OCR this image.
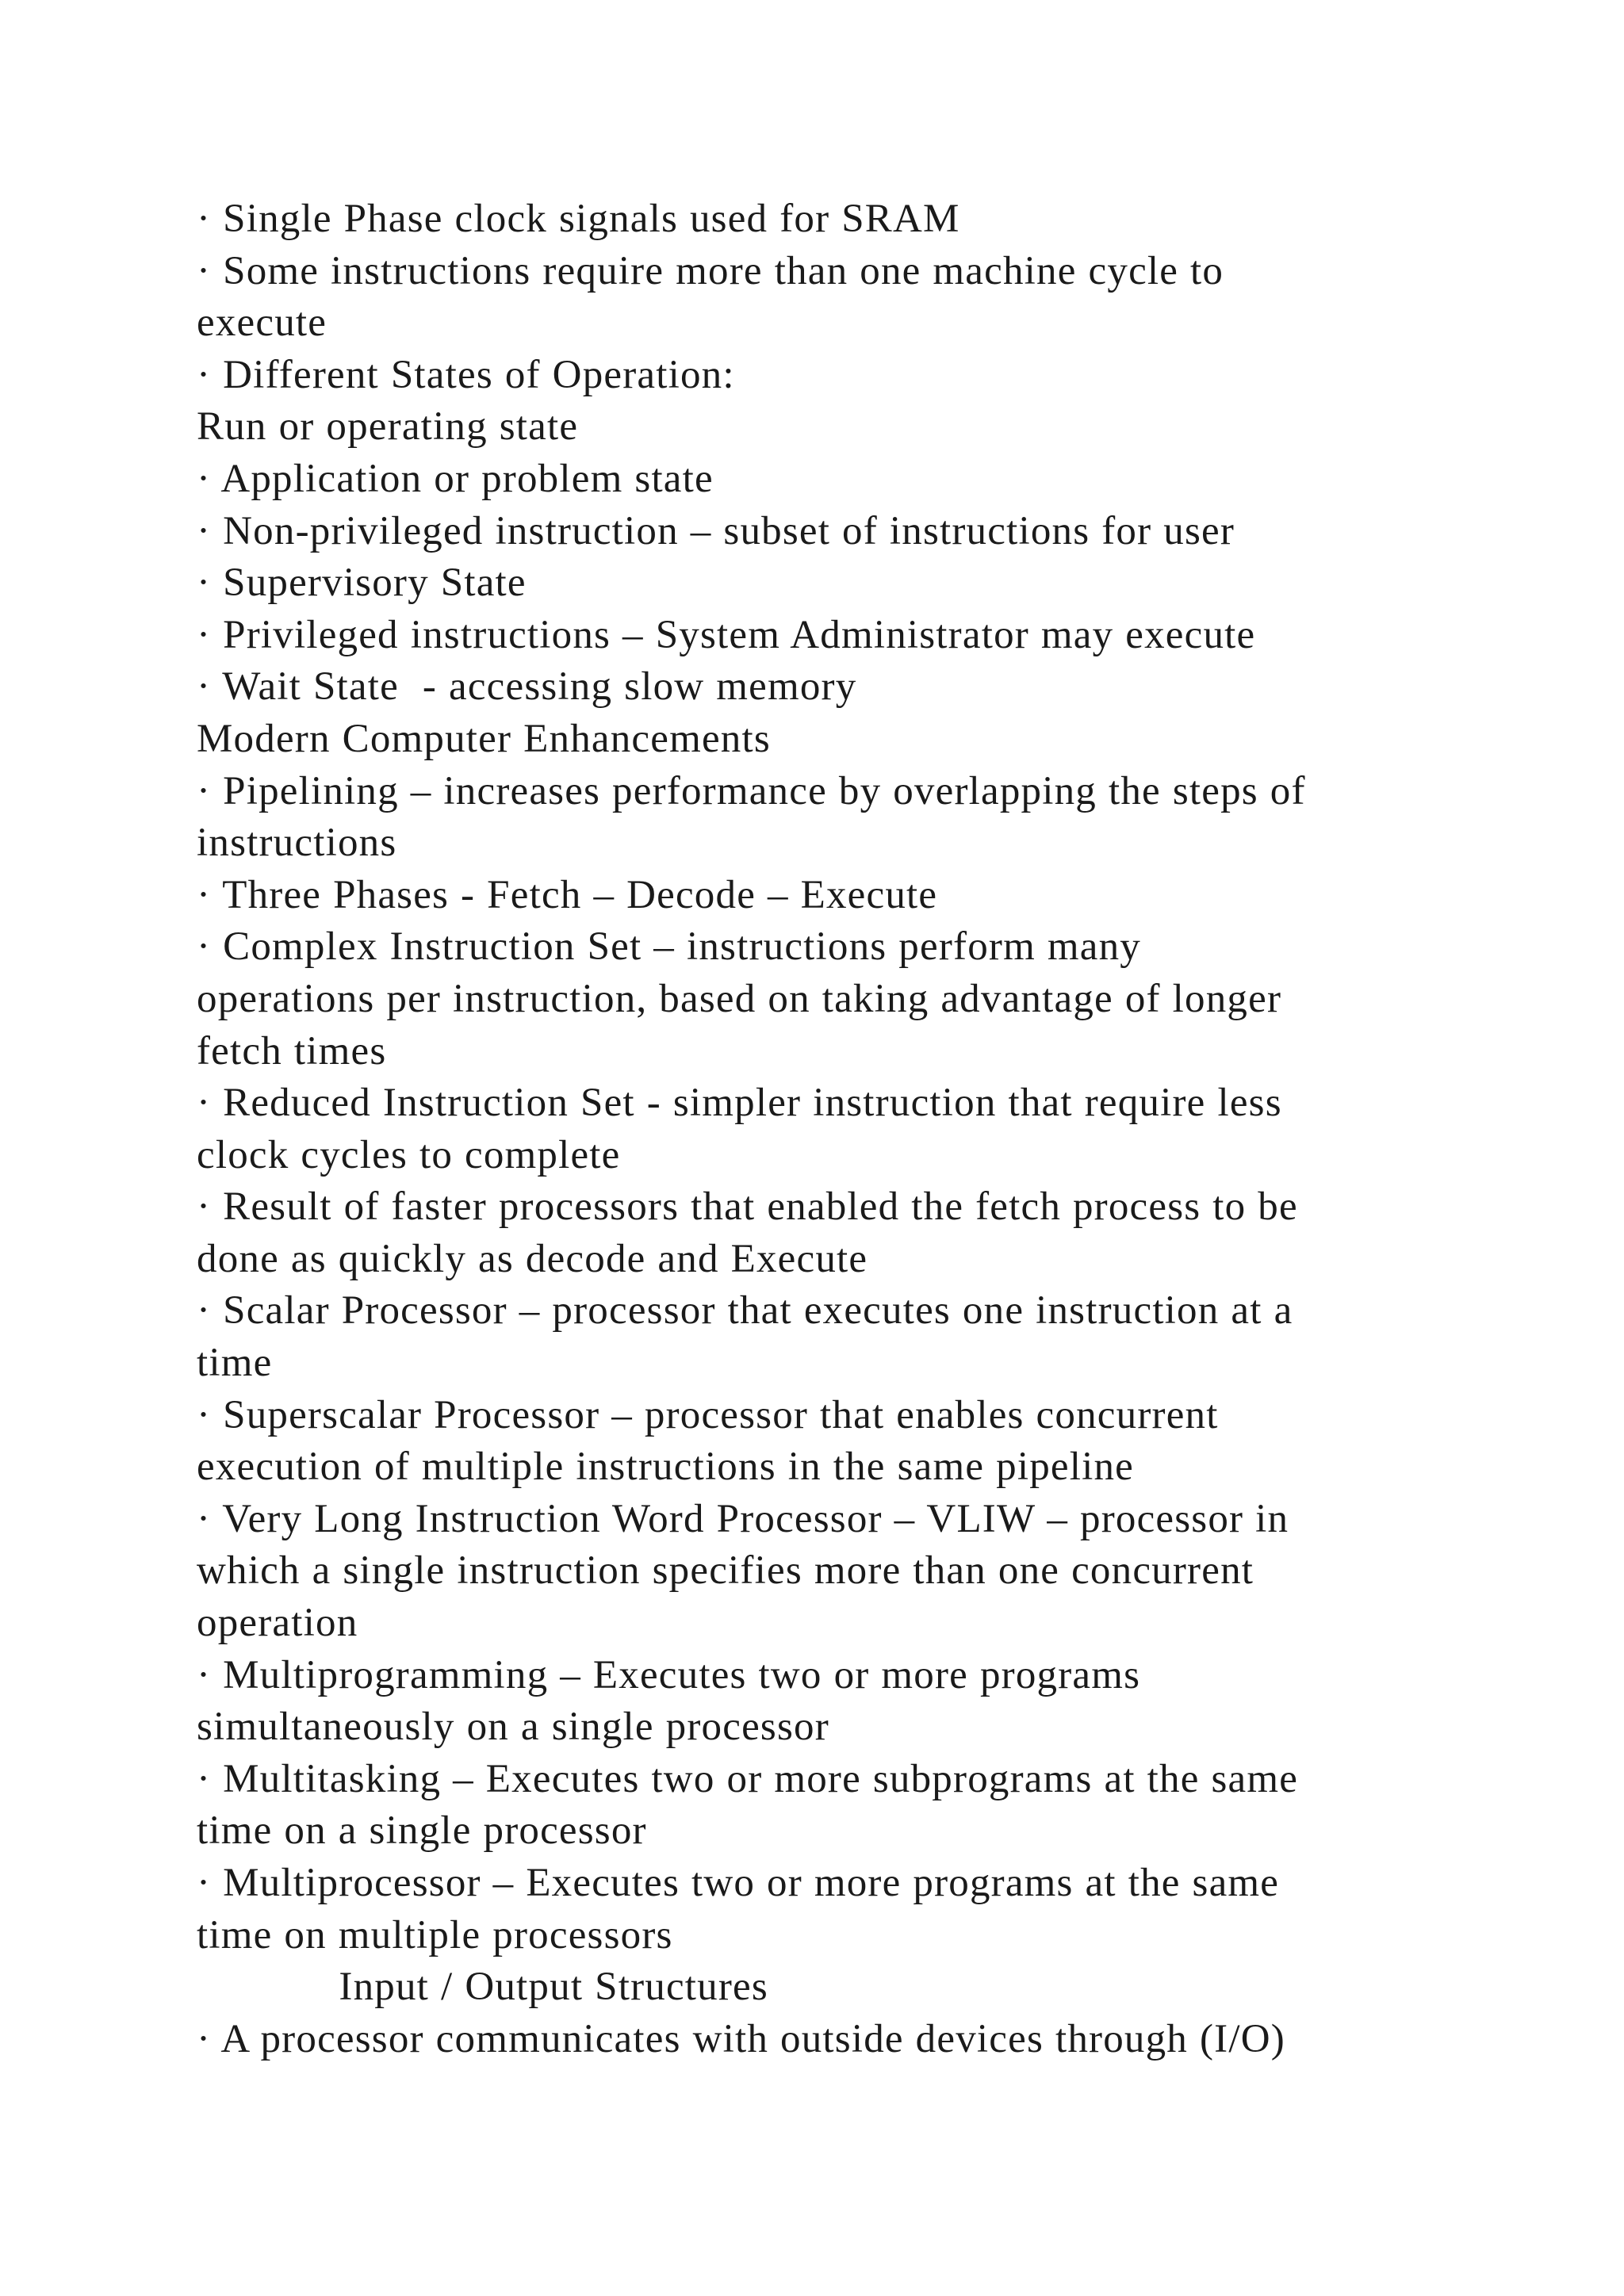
· Single Phase clock signals used for SRAM
· Some instructions require more than one machine cycle to
execute
· Different States of Operation:
Run or operating state
· Application or problem state
· Non-privileged instruction – subset of instructions for user
· Supervisory State
· Privileged instructions – System Administrator may execute
· Wait State  - accessing slow memory
Modern Computer Enhancements
· Pipelining – increases performance by overlapping the steps of
instructions
· Three Phases - Fetch – Decode – Execute
· Complex Instruction Set – instructions perform many
operations per instruction, based on taking advantage of longer
fetch times
· Reduced Instruction Set - simpler instruction that require less
clock cycles to complete
· Result of faster processors that enabled the fetch process to be
done as quickly as decode and Execute
· Scalar Processor – processor that executes one instruction at a
time
· Superscalar Processor – processor that enables concurrent
execution of multiple instructions in the same pipeline
· Very Long Instruction Word Processor – VLIW – processor in
which a single instruction specifies more than one concurrent
operation
· Multiprogramming – Executes two or more programs
simultaneously on a single processor
· Multitasking – Executes two or more subprograms at the same
time on a single processor
· Multiprocessor – Executes two or more programs at the same
time on multiple processors
Input / Output Structures
· A processor communicates with outside devices through (I/O)
